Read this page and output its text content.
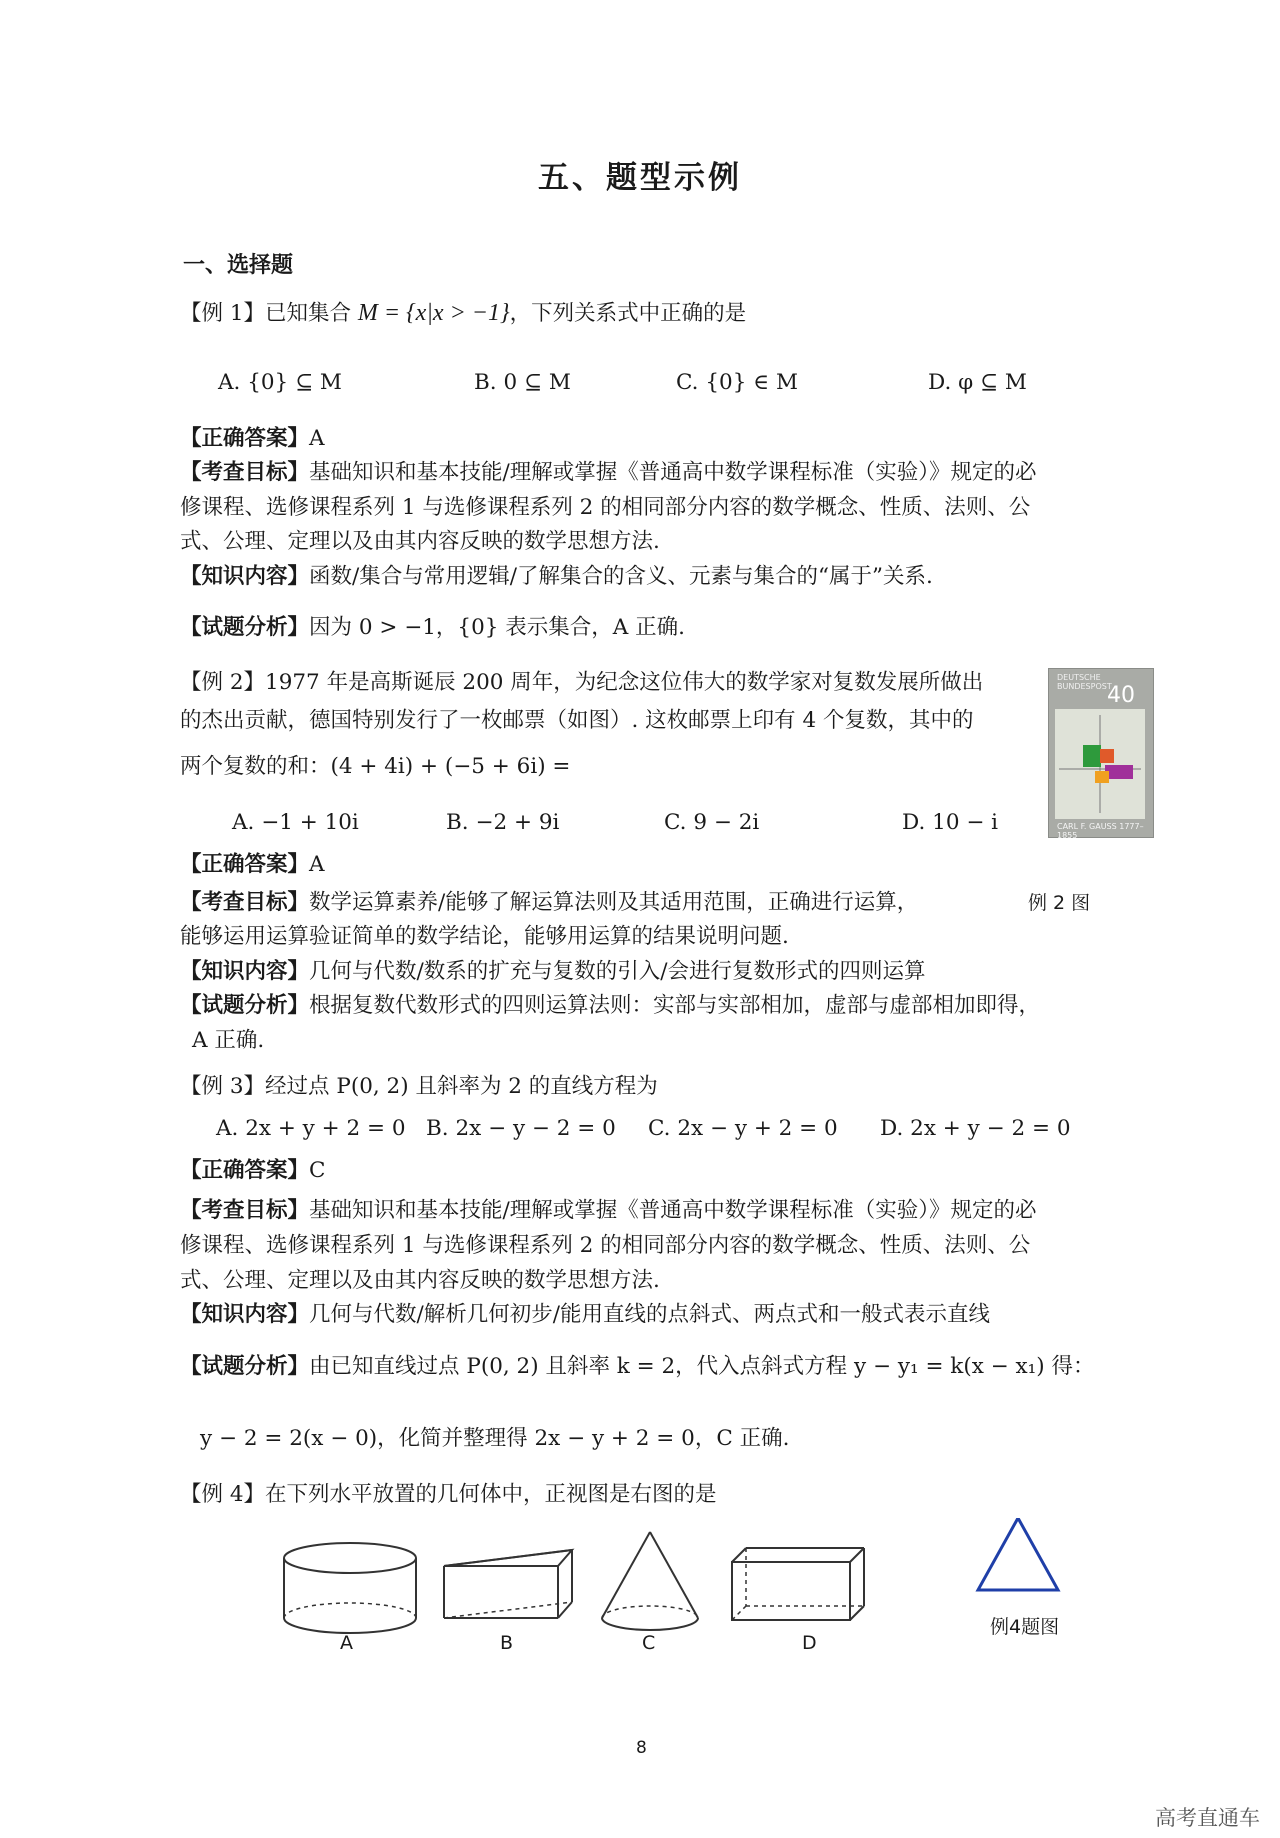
五、题型示例
一、选择题
【例 1】已知集合 M = {x|x > −1}，下列关系式中正确的是
A. {0} ⊆ M	B. 0 ⊆ M	C. {0} ∈ M	D. φ ⊆ M
【正确答案】A
【考查目标】基础知识和基本技能/理解或掌握《普通高中数学课程标准（实验）》规定的必
修课程、选修课程系列 1 与选修课程系列 2 的相同部分内容的数学概念、性质、法则、公
式、公理、定理以及由其内容反映的数学思想方法.
【知识内容】函数/集合与常用逻辑/了解集合的含义、元素与集合的“属于”关系.
【试题分析】因为 0 > −1，{0} 表示集合，A 正确.
【例 2】1977 年是高斯诞辰 200 周年，为纪念这位伟大的数学家对复数发展所做出
的杰出贡献，德国特别发行了一枚邮票（如图）. 这枚邮票上印有 4 个复数，其中的
两个复数的和：(4 + 4i) + (−5 + 6i) =
DEUTSCHE BUNDESPOST
40
CARL F. GAUSS 1777–1855
A. −1 + 10i	B. −2 + 9i	C. 9 − 2i	D. 10 − i
【正确答案】A
【考查目标】数学运算素养/能够了解运算法则及其适用范围，正确进行运算，	例 2 图
能够运用运算验证简单的数学结论，能够用运算的结果说明问题.
【知识内容】几何与代数/数系的扩充与复数的引入/会进行复数形式的四则运算
【试题分析】根据复数代数形式的四则运算法则：实部与实部相加，虚部与虚部相加即得，
A 正确.
【例 3】经过点 P(0, 2) 且斜率为 2 的直线方程为
A. 2x + y + 2 = 0 B. 2x − y − 2 = 0 C. 2x − y + 2 = 0 D. 2x + y − 2 = 0
【正确答案】C
【考查目标】基础知识和基本技能/理解或掌握《普通高中数学课程标准（实验）》规定的必
修课程、选修课程系列 1 与选修课程系列 2 的相同部分内容的数学概念、性质、法则、公
式、公理、定理以及由其内容反映的数学思想方法.
【知识内容】几何与代数/解析几何初步/能用直线的点斜式、两点式和一般式表示直线
【试题分析】由已知直线过点 P(0, 2) 且斜率 k = 2，代入点斜式方程 y − y₁ = k(x − x₁) 得：
y − 2 = 2(x − 0)，化简并整理得 2x − y + 2 = 0，C 正确.
【例 4】在下列水平放置的几何体中，正视图是右图的是
A	B	C	D
例4题图
8
高考直通车
